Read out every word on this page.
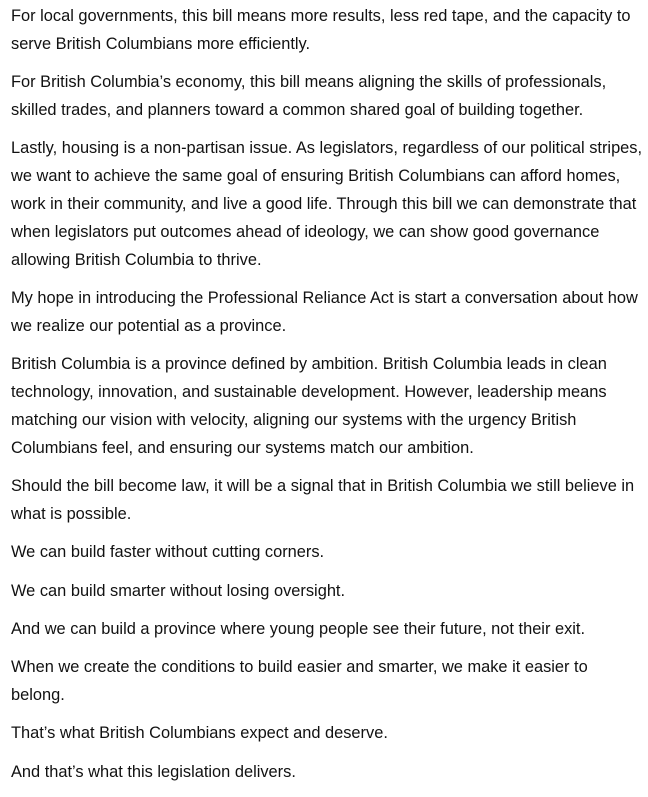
For local governments, this bill means more results, less red tape, and the capacity to serve British Columbians more efficiently.

For British Columbia’s economy, this bill means aligning the skills of professionals, skilled trades, and planners toward a common shared goal of building together.

Lastly, housing is a non-partisan issue. As legislators, regardless of our political stripes, we want to achieve the same goal of ensuring British Columbians can afford homes, work in their community, and live a good life. Through this bill we can demonstrate that when legislators put outcomes ahead of ideology, we can show good governance allowing British Columbia to thrive.

My hope in introducing the Professional Reliance Act is start a conversation about how we realize our potential as a province.

British Columbia is a province defined by ambition. British Columbia leads in clean technology, innovation, and sustainable development. However, leadership means matching our vision with velocity, aligning our systems with the urgency British Columbians feel, and ensuring our systems match our ambition.

Should the bill become law, it will be a signal that in British Columbia we still believe in what is possible.

We can build faster without cutting corners.

We can build smarter without losing oversight.

And we can build a province where young people see their future, not their exit.

When we create the conditions to build easier and smarter, we make it easier to belong.

That’s what British Columbians expect and deserve.

And that’s what this legislation delivers.
